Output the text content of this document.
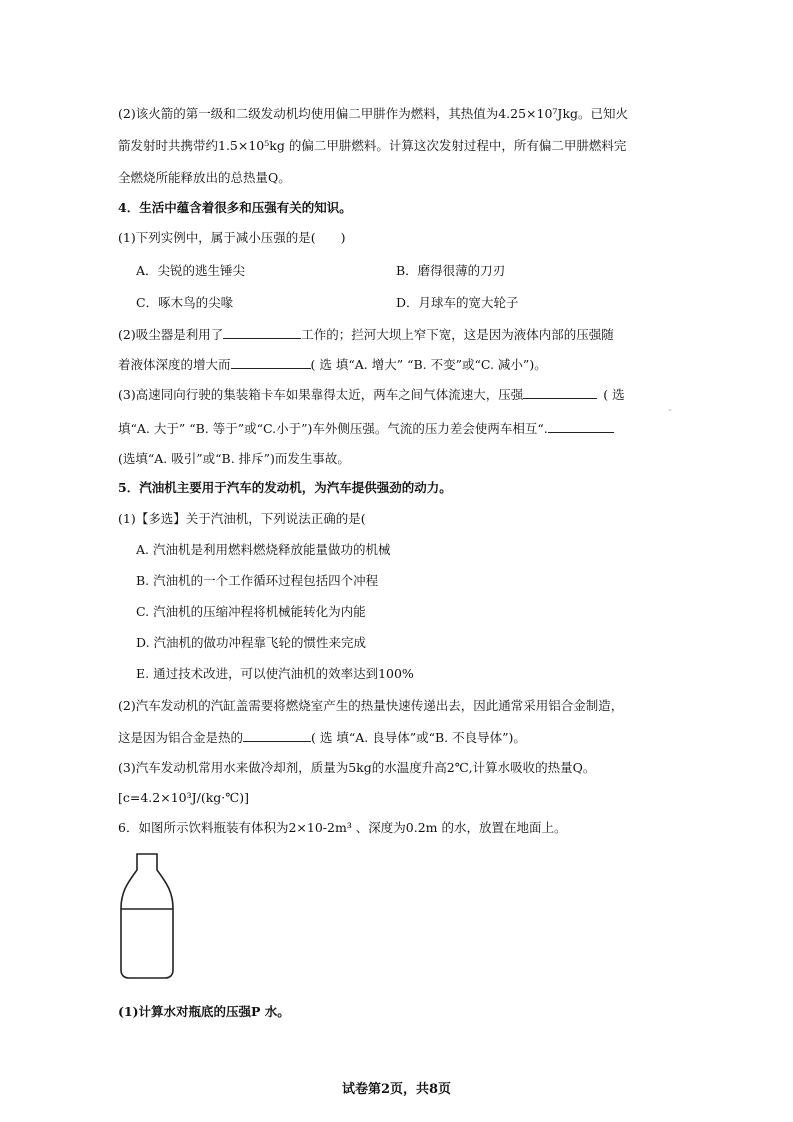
(2)该火箭的第一级和二级发动机均使用偏二甲肼作为燃料，其热值为4.25×10⁷Jkg。已知火
箭发射时共携带约1.5×10⁵kg 的偏二甲肼燃料。计算这次发射过程中，所有偏二甲肼燃料完
全燃烧所能释放出的总热量Q。
4．生活中蕴含着很多和压强有关的知识。
(1)下列实例中，属于减小压强的是(　　)
A．尖锐的逃生锤尖	B．磨得很薄的刀刃
C．啄木鸟的尖喙	D．月球车的宽大轮子
(2)吸尘器是利用了	工作的；拦河大坝上窄下宽，这是因为液体内部的压强随
着液体深度的增大而	( 选 填“A. 增大” “B. 不变”或“C. 减小”)。
(3)高速同向行驶的集装箱卡车如果靠得太近，两车之间气体流速大，压强	( 选
¨
填“A. 大于” “B. 等于”或“C.小于”)车外侧压强。气流的压力差会使两车相互“.
(选填“A. 吸引”或“B. 排斥”)而发生事故。
5．汽油机主要用于汽车的发动机，为汽车提供强劲的动力。
(1)【多选】关于汽油机，下列说法正确的是(
A. 汽油机是利用燃料燃烧释放能量做功的机械
B. 汽油机的一个工作循环过程包括四个冲程
C. 汽油机的压缩冲程将机械能转化为内能
D. 汽油机的做功冲程靠飞轮的惯性来完成
E. 通过技术改进，可以使汽油机的效率达到100%
(2)汽车发动机的汽缸盖需要将燃烧室产生的热量快速传递出去，因此通常采用铝合金制造，
这是因为铝合金是热的	( 选 填“A. 良导体”或“B. 不良导体”)。
(3)汽车发动机常用水来做冷却剂，质量为5kg的水温度升高2℃,计算水吸收的热量Q。
[c=4.2×10³J/(kg·℃)]
6．如图所示饮料瓶装有体积为2×10-2m³ 、深度为0.2m 的水，放置在地面上。
(1)计算水对瓶底的压强P 水。
试卷第2页，共8页
